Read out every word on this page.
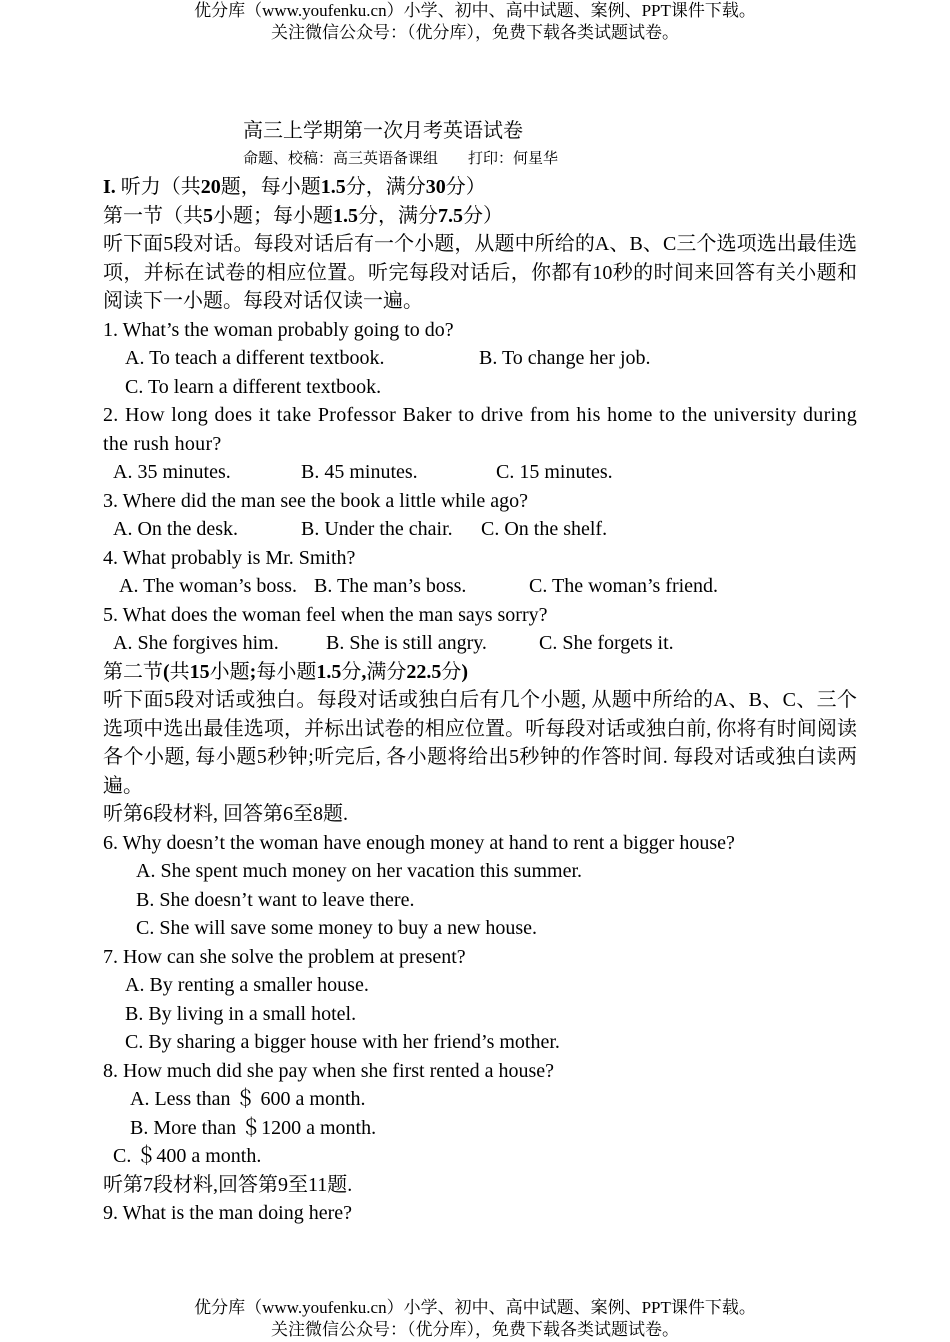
优分库（www.youfenku.cn）小学、初中、高中试题、案例、PPT课件下载。
关注微信公众号：（优分库），免费下载各类试题试卷。
高三上学期第一次月考英语试卷
命题、校稿：高三英语备课组 打印：何星华
I. 听力（共20题，每小题1.5分，满分30分）
第一节（共5小题；每小题1.5分，满分7.5分）
听下面5段对话。每段对话后有一个小题，从题中所给的A、B、C三个选项选出最佳选项，并标在试卷的相应位置。听完每段对话后，你都有10秒的时间来回答有关小题和阅读下一小题。每段对话仅读一遍。
1. What’s the woman probably going to do?
A. To teach a different textbook.	B. To change her job.
C. To learn a different textbook.
2. How long does it take Professor Baker to drive from his home to the university during the rush hour?
A. 35 minutes.	B. 45 minutes.	C. 15 minutes.
3. Where did the man see the book a little while ago?
A. On the desk.	B. Under the chair. C. On the shelf.
4. What probably is Mr. Smith?
A. The woman’s boss. B. The man’s boss.	C. The woman’s friend.
5. What does the woman feel when the man says sorry?
A. She forgives him. B. She is still angry.	C. She forgets it.
第二节(共15小题;每小题1.5分,满分22.5分)
听下面5段对话或独白。每段对话或独白后有几个小题, 从题中所给的A、B、C、三个选项中选出最佳选项，并标出试卷的相应位置。听每段对话或独白前, 你将有时间阅读各个小题, 每小题5秒钟;听完后, 各小题将给出5秒钟的作答时间. 每段对话或独白读两遍。
听第6段材料, 回答第6至8题.
6. Why doesn’t the woman have enough money at hand to rent a bigger house?
A. She spent much money on her vacation this summer.
B. She doesn’t want to leave there.
C. She will save some money to buy a new house.
7. How can she solve the problem at present?
A. By renting a smaller house.
B. By living in a small hotel.
C. By sharing a bigger house with her friend’s mother.
8. How much did she pay when she first rented a house?
A. Less than ＄ 600 a month.
B. More than ＄1200 a month.
C. ＄400 a month.
听第7段材料,回答第9至11题.
9. What is the man doing here?
优分库（www.youfenku.cn）小学、初中、高中试题、案例、PPT课件下载。
关注微信公众号：（优分库），免费下载各类试题试卷。
